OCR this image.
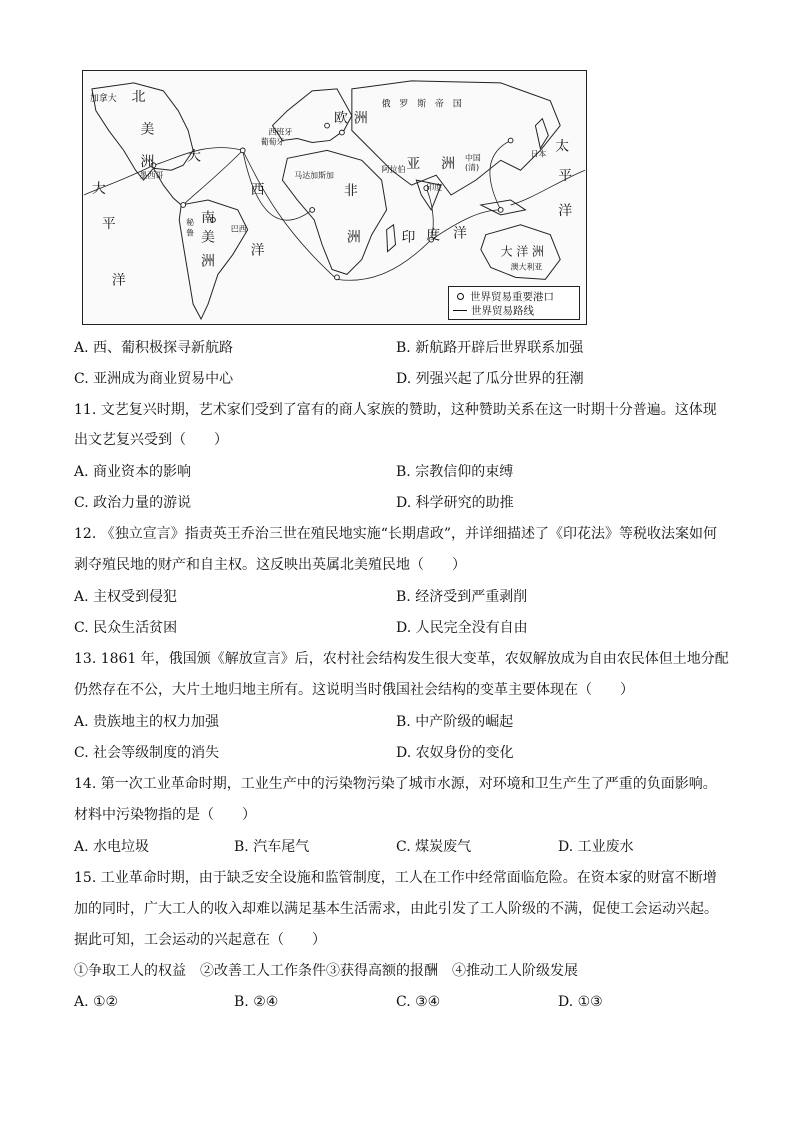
加拿大 北
美
洲
墨西哥
大
平
洋
南
美
洲
秘
鲁	巴西
大
西
洋
西班牙
葡萄牙
欧 洲
俄　罗　斯　帝　国
亚 洲 中国
(清)
日本 太
平
洋
非
洲
马达加斯加
阿拉伯
印度
印 度 洋
大 洋 洲
澳大利亚
世界贸易重要港口
世界贸易路线
A. 西、葡积极探寻新航路	B. 新航路开辟后世界联系加强
C. 亚洲成为商业贸易中心	D. 列强兴起了瓜分世界的狂潮
11. 文艺复兴时期，艺术家们受到了富有的商人家族的赞助，这种赞助关系在这一时期十分普遍。这体现
出文艺复兴受到（　　）
A. 商业资本的影响	B. 宗教信仰的束缚
C. 政治力量的游说	D. 科学研究的助推
12. 《独立宣言》指责英王乔治三世在殖民地实施“长期虐政”，并详细描述了《印花法》等税收法案如何
剥夺殖民地的财产和自主权。这反映出英属北美殖民地（　　）
A. 主权受到侵犯	B. 经济受到严重剥削
C. 民众生活贫困	D. 人民完全没有自由
13. 1861 年，俄国颁《解放宣言》后，农村社会结构发生很大变革，农奴解放成为自由农民体但土地分配
仍然存在不公，大片土地归地主所有。这说明当时俄国社会结构的变革主要体现在（　　）
A. 贵族地主的权力加强	B. 中产阶级的崛起
C. 社会等级制度的消失	D. 农奴身份的变化
14. 第一次工业革命时期，工业生产中的污染物污染了城市水源，对环境和卫生产生了严重的负面影响。
材料中污染物指的是（　　）
A. 水电垃圾	B. 汽车尾气	C. 煤炭废气	D. 工业废水
15. 工业革命时期，由于缺乏安全设施和监管制度，工人在工作中经常面临危险。在资本家的财富不断增
加的同时，广大工人的收入却难以满足基本生活需求，由此引发了工人阶级的不满，促使工会运动兴起。
据此可知，工会运动的兴起意在（　　）
①争取工人的权益　②改善工人工作条件③获得高额的报酬　④推动工人阶级发展
A. ①②	B. ②④	C. ③④	D. ①③
